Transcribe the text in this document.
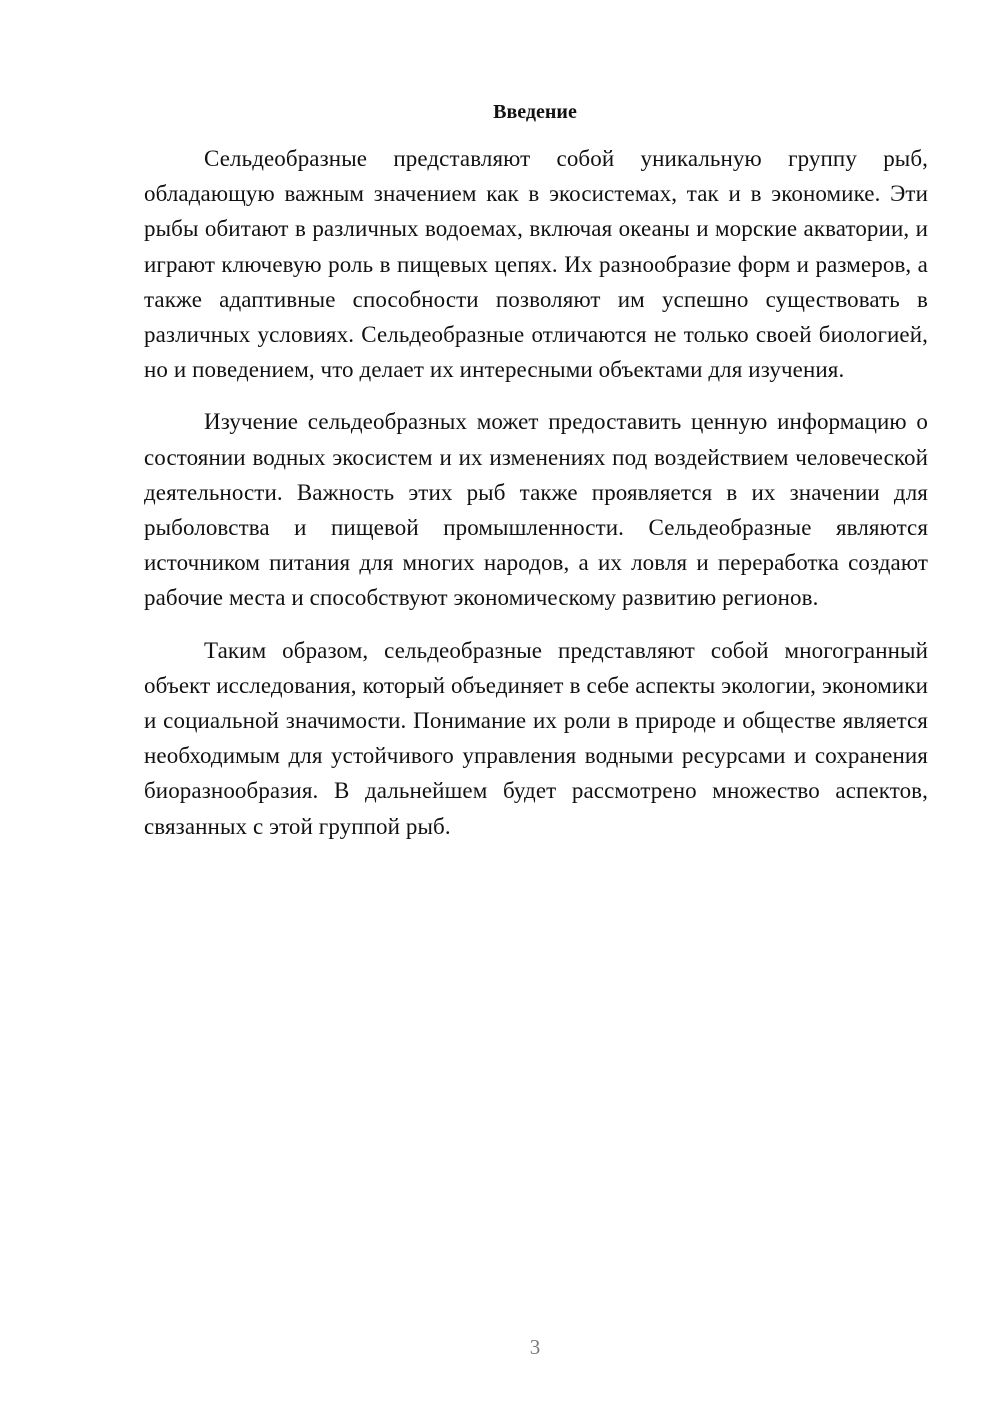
Введение

Сельдеобразные представляют собой уникальную группу рыб, обладающую важным значением как в экосистемах, так и в экономике. Эти рыбы обитают в различных водоемах, включая океаны и морские акватории, и играют ключевую роль в пищевых цепях. Их разнообразие форм и размеров, а также адаптивные способности позволяют им успешно существовать в различных условиях. Сельдеобразные отличаются не только своей биологией, но и поведением, что делает их интересными объектами для изучения.

Изучение сельдеобразных может предоставить ценную информацию о состоянии водных экосистем и их изменениях под воздействием человеческой деятельности. Важность этих рыб также проявляется в их значении для рыболовства и пищевой промышленности. Сельдеобразные являются источником питания для многих народов, а их ловля и переработка создают рабочие места и способствуют экономическому развитию регионов.

Таким образом, сельдеобразные представляют собой многогранный объект исследования, который объединяет в себе аспекты экологии, экономики и социальной значимости. Понимание их роли в природе и обществе является необходимым для устойчивого управления водными ресурсами и сохранения биоразнообразия. В дальнейшем будет рассмотрено множество аспектов, связанных с этой группой рыб.

3
